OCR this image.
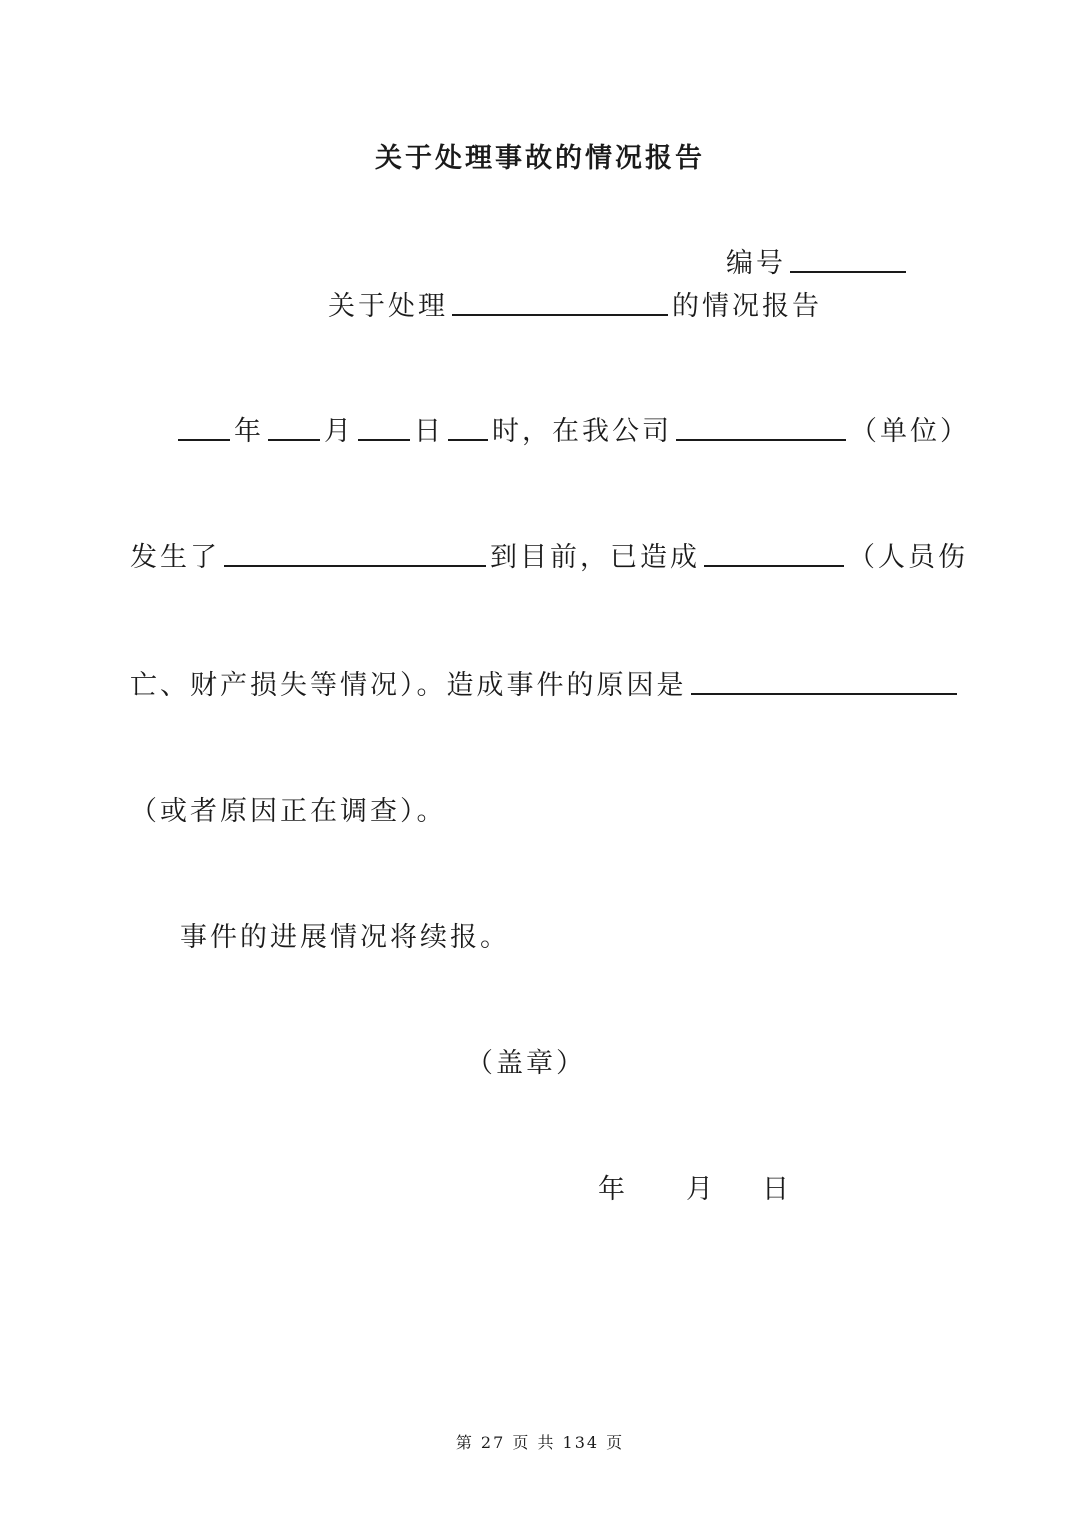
关于处理事故的情况报告
编号
关于处理	的情况报告
年 月 日 时，在我公司	（单位）
发生了	到目前，已造成	（人员伤
亡、财产损失等情况）。造成事件的原因是
（或者原因正在调查）。
事件的进展情况将续报。
（盖章）
年 月 日
第 27 页 共 134 页
